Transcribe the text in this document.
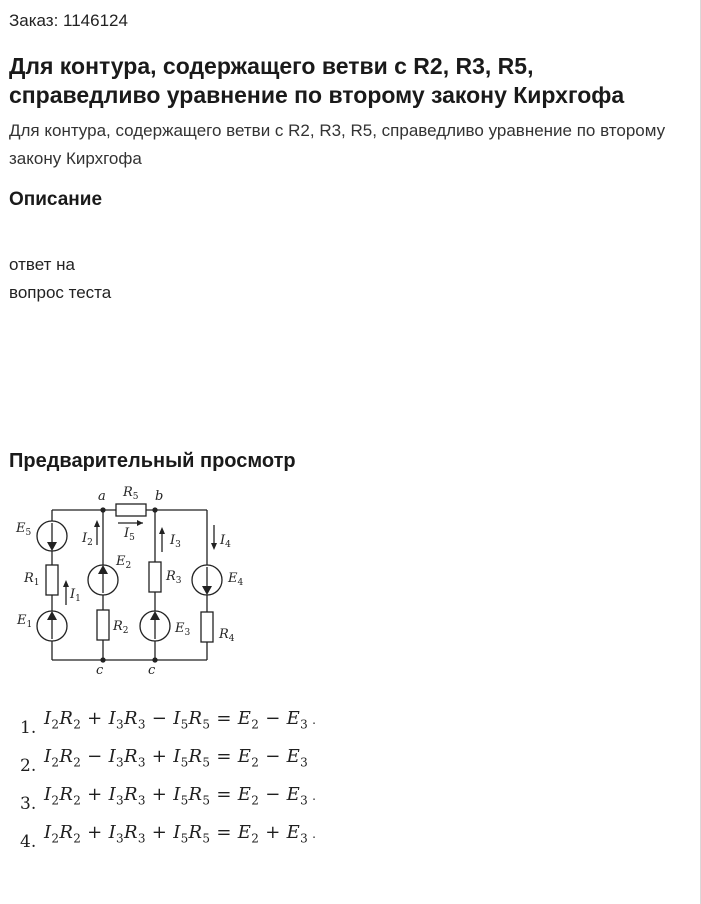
Заказ: 1146124
Для контура, содержащего ветви с R2, R3, R5, справедливо уравнение по второму закону Кирхгофа
Для контура, содержащего ветви с R2, R3, R5, справедливо уравнение по второму закону Кирхгофа
Описание
ответ на
вопрос теста
Предварительный просмотр
a	b
c	c
$R_5$
$I_5$
$E_5$
$R_1$
$I_1$
$E_1$
$I_2$
$E_2$
$R_2$
$I_3$
$R_3$
$E_3$
$I_4$
$E_4$
$R_4$
1. $I_2R_2 + I_3R_3 - I_5R_5 = E_2 - E_3$ .
2. $I_2R_2 - I_3R_3 + I_5R_5 = E_2 - E_3$
3. $I_2R_2 + I_3R_3 + I_5R_5 = E_2 - E_3$ .
4. $I_2R_2 + I_3R_3 + I_5R_5 = E_2 + E_3$ .
